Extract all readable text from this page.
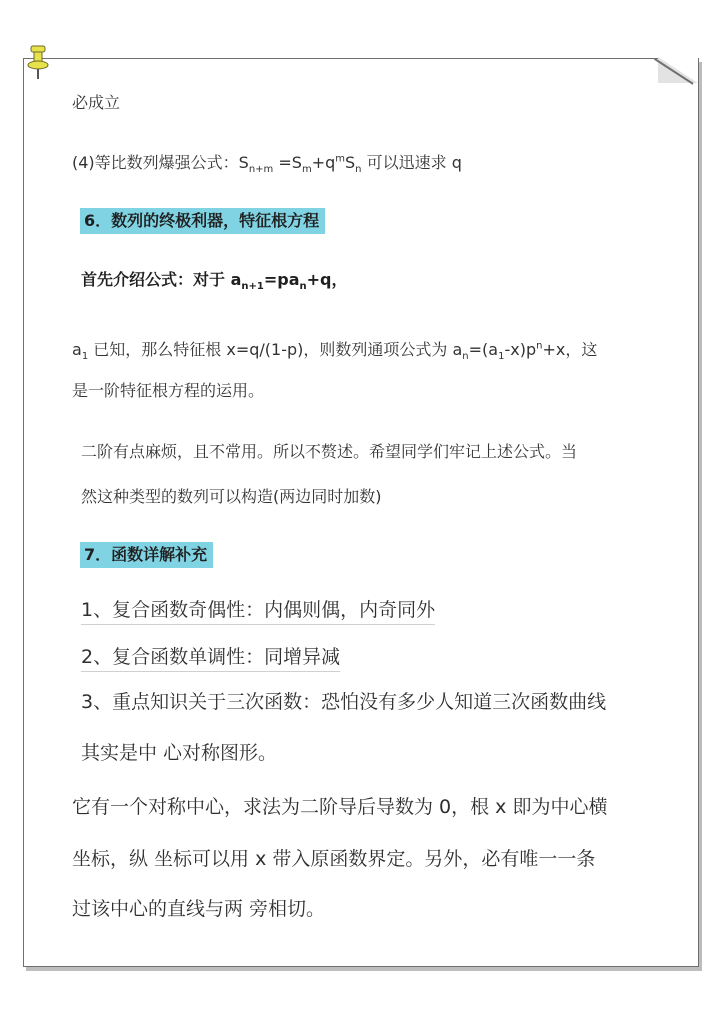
必成立
(4)等比数列爆强公式：$S_{n+m} =S_m+q^mS_n$ 可以迅速求 q
6．数列的终极利器，特征根方程
首先介绍公式：对于 $a_{n+1}=pa_n+q$，
$a_1$ 已知，那么特征根 x=q/(1-p)，则数列通项公式为 $a_n=(a_1-x)p^n+x$，这
是一阶特征根方程的运用。
二阶有点麻烦，且不常用。所以不赘述。希望同学们牢记上述公式。当
然这种类型的数列可以构造(两边同时加数)
7．函数详解补充
1、复合函数奇偶性：内偶则偶，内奇同外
2、复合函数单调性：同增异减
3、重点知识关于三次函数：恐怕没有多少人知道三次函数曲线
其实是中 心对称图形。
它有一个对称中心，求法为二阶导后导数为 0，根 x 即为中心横
坐标，纵 坐标可以用 x 带入原函数界定。另外，必有唯一一条
过该中心的直线与两 旁相切。
